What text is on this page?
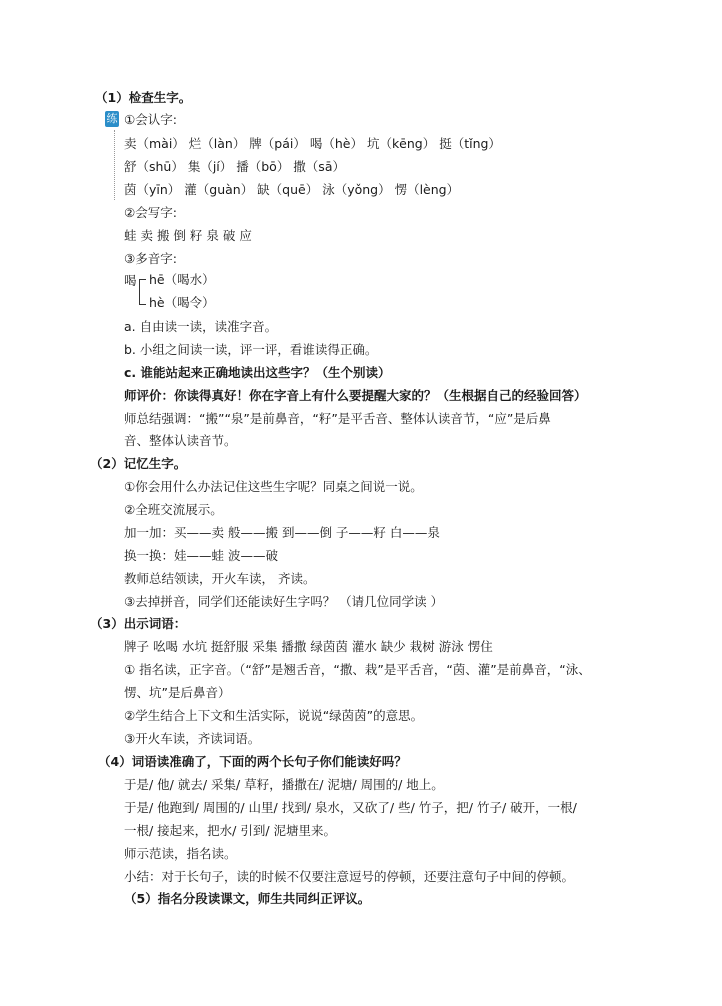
（1）检查生字。
练 ①会认字:
卖（mài） 烂（làn） 牌（pái） 喝（hè） 坑（kēng） 挺（tǐng）
舒（shū） 集（jí） 播（bō） 撒（sā）
茵（yīn） 灌（guàn） 缺（quē） 泳（yǒng） 愣（lèng）
②会写字:
蛙 卖 搬 倒 籽 泉 破 应
③多音字:
喝 hē（喝水）
hè（喝令）
a. 自由读一读，读准字音。
b. 小组之间读一读，评一评，看谁读得正确。
c. 谁能站起来正确地读出这些字？（生个别读）
师评价：你读得真好！你在字音上有什么要提醒大家的？（生根据自己的经验回答）
师总结强调：“搬”“泉”是前鼻音，“籽”是平舌音、整体认读音节，“应”是后鼻
音、整体认读音节。
（2）记忆生字。
①你会用什么办法记住这些生字呢？同桌之间说一说。
②全班交流展示。
加一加：买——卖 般——搬 到——倒 子——籽 白——泉
换一换：娃——蛙 波——破
教师总结领读，开火车读， 齐读。
③去掉拼音，同学们还能读好生字吗？ （请几位同学读 ）
（3）出示词语：
牌子 吆喝 水坑 挺舒服 采集 播撒 绿茵茵 灌水 缺少 栽树 游泳 愣住
① 指名读，正字音。（“舒”是翘舌音，“撒、栽”是平舌音，“茵、灌”是前鼻音，“泳、
愣、坑”是后鼻音）
②学生结合上下文和生活实际，说说“绿茵茵”的意思。
③开火车读，齐读词语。
（4）词语读准确了，下面的两个长句子你们能读好吗？
于是/ 他/ 就去/ 采集/ 草籽，播撒在/ 泥塘/ 周围的/ 地上。
于是/ 他跑到/ 周围的/ 山里/ 找到/ 泉水，又砍了/ 些/ 竹子，把/ 竹子/ 破开，一根/
一根/ 接起来，把水/ 引到/ 泥塘里来。
师示范读，指名读。
小结：对于长句子，读的时候不仅要注意逗号的停顿，还要注意句子中间的停顿。
（5）指名分段读课文，师生共同纠正评议。
